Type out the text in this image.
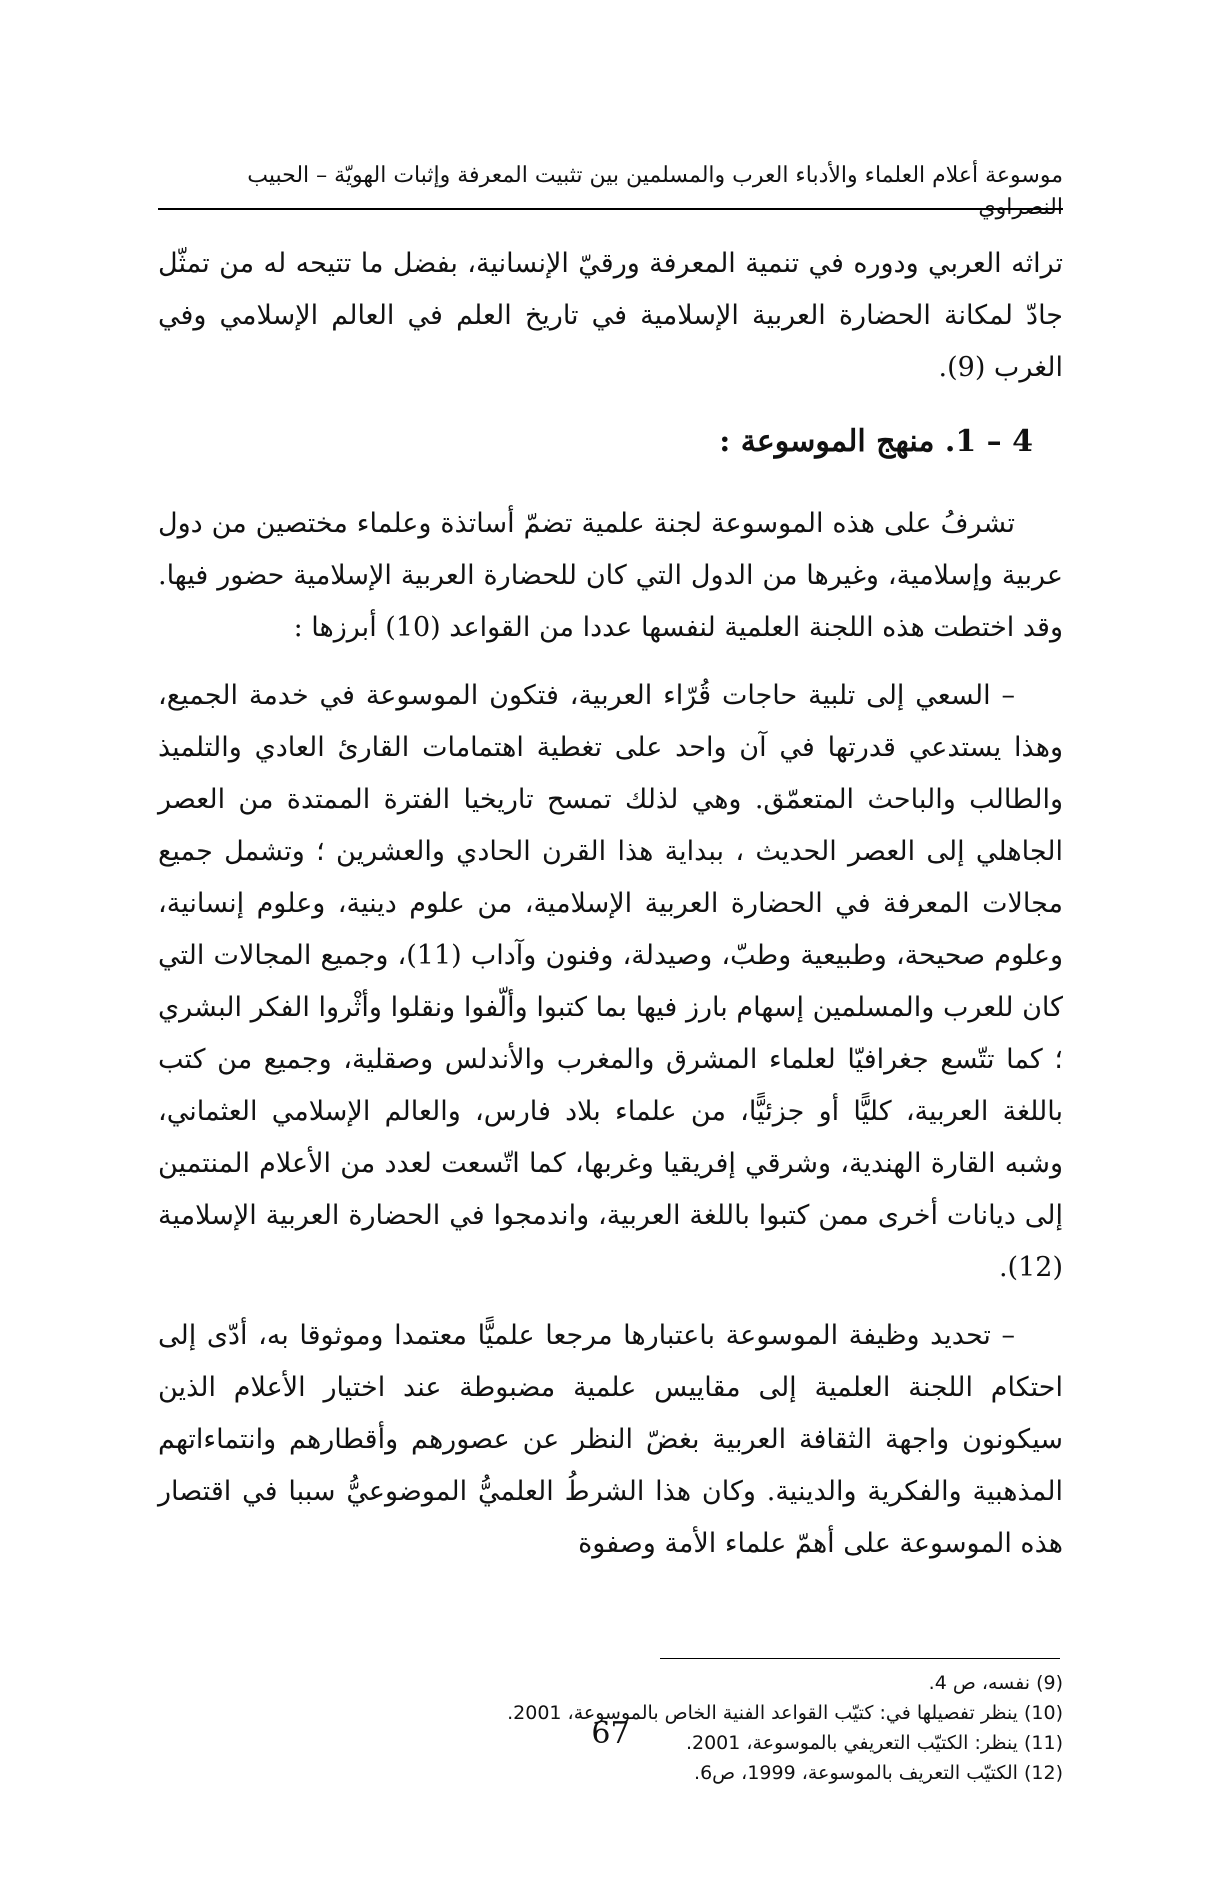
موسوعة أعلام العلماء والأدباء العرب والمسلمين بين تثبيت المعرفة وإثبات الهويّة – الحبيب النصراوي

تراثه العربي ودوره في تنمية المعرفة ورقيّ الإنسانية، بفضل ما تتيحه له من تمثّل جادّ لمكانة الحضارة العربية الإسلامية في تاريخ العلم في العالم الإسلامي وفي الغرب (9).

4 – 1. منهج الموسوعة :

تشرفُ على هذه الموسوعة لجنة علمية تضمّ أساتذة وعلماء مختصين من دول عربية وإسلامية، وغيرها من الدول التي كان للحضارة العربية الإسلامية حضور فيها. وقد اختطت هذه اللجنة العلمية لنفسها عددا من القواعد (10) أبرزها :

– السعي إلى تلبية حاجات قُرّاء العربية، فتكون الموسوعة في خدمة الجميع، وهذا يستدعي قدرتها في آن واحد على تغطية اهتمامات القارئ العادي والتلميذ والطالب والباحث المتعمّق. وهي لذلك تمسح تاريخيا الفترة الممتدة من العصر الجاهلي إلى العصر الحديث ، ببداية هذا القرن الحادي والعشرين ؛ وتشمل جميع مجالات المعرفة في الحضارة العربية الإسلامية، من علوم دينية، وعلوم إنسانية، وعلوم صحيحة، وطبيعية وطبّ، وصيدلة، وفنون وآداب (11)، وجميع المجالات التي كان للعرب والمسلمين إسهام بارز فيها بما كتبوا وألّفوا ونقلوا وأثْروا الفكر البشري ؛ كما تتّسع جغرافيّا لعلماء المشرق والمغرب والأندلس وصقلية، وجميع من كتب باللغة العربية، كليًّا أو جزئيًّا، من علماء بلاد فارس، والعالم الإسلامي العثماني، وشبه القارة الهندية، وشرقي إفريقيا وغربها، كما اتّسعت لعدد من الأعلام المنتمين إلى ديانات أخرى ممن كتبوا باللغة العربية، واندمجوا في الحضارة العربية الإسلامية (12).

– تحديد وظيفة الموسوعة باعتبارها مرجعا علميًّا معتمدا وموثوقا به، أدّى إلى احتكام اللجنة العلمية إلى مقاييس علمية مضبوطة عند اختيار الأعلام الذين سيكونون واجهة الثقافة العربية بغضّ النظر عن عصورهم وأقطارهم وانتماءاتهم المذهبية والفكرية والدينية. وكان هذا الشرطُ العلميُّ الموضوعيُّ سببا في اقتصار هذه الموسوعة على أهمّ علماء الأمة وصفوة

(9) نفسه، ص 4.
(10) ينظر تفصيلها في: كتيّب القواعد الفنية الخاص بالموسوعة، 2001.
(11) ينظر: الكتيّب التعريفي بالموسوعة، 2001.
(12) الكتيّب التعريف بالموسوعة، 1999، ص6.
67
